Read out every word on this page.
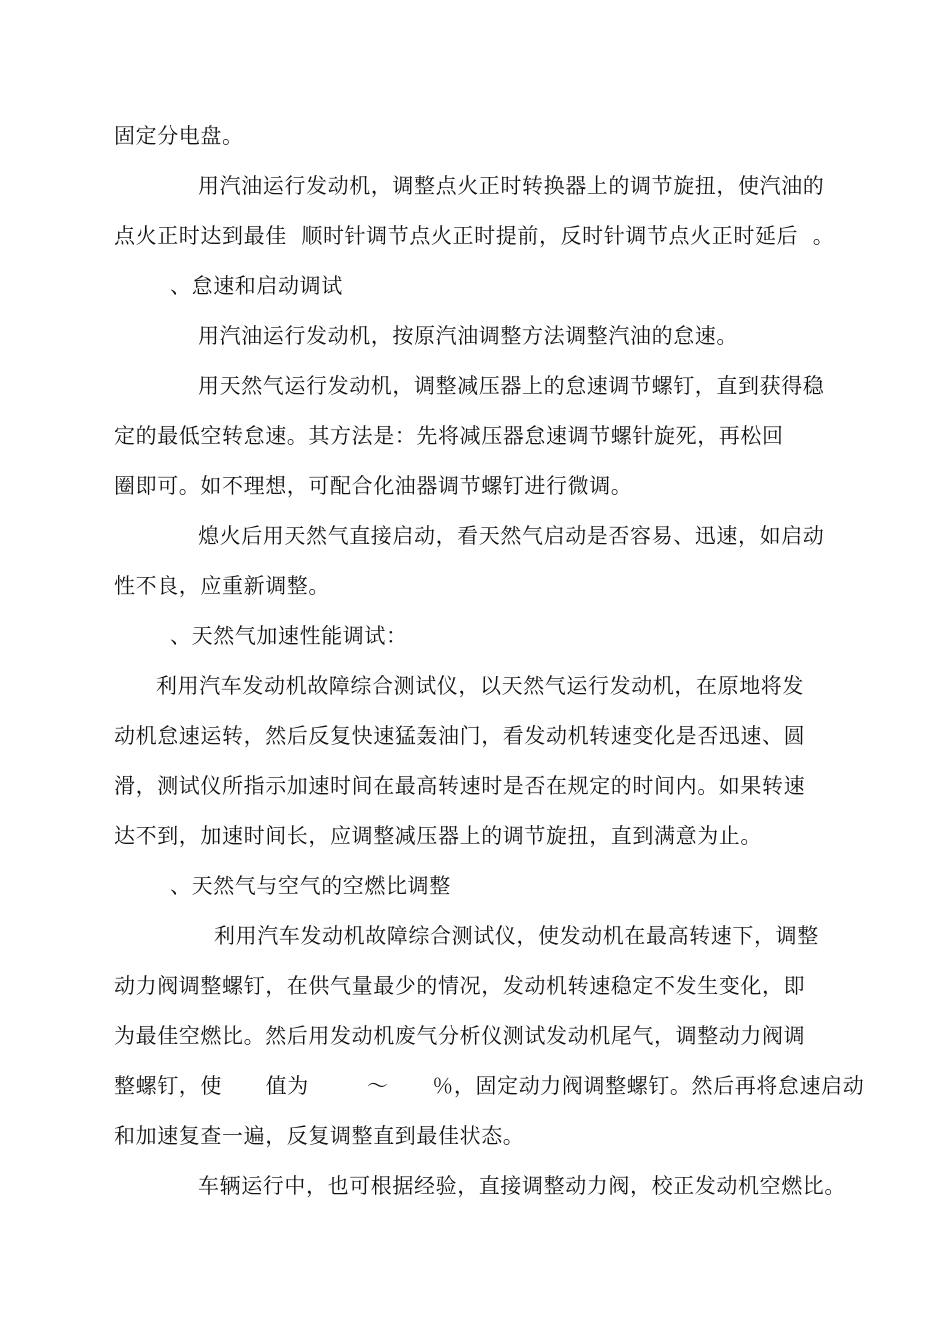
固定分电盘。
用汽油运行发动机，调整点火正时转换器上的调节旋扭，使汽油的
点火正时达到最佳  顺时针调节点火正时提前，反时针调节点火正时延后  。
、怠速和启动调试
用汽油运行发动机，按原汽油调整方法调整汽油的怠速。
用天然气运行发动机，调整减压器上的怠速调节螺钉，直到获得稳
定的最低空转怠速。其方法是：先将减压器怠速调节螺针旋死，再松回
圈即可。如不理想，可配合化油器调节螺钉进行微调。
熄火后用天然气直接启动，看天然气启动是否容易、迅速，如启动
性不良，应重新调整。
、天然气加速性能调试：
利用汽车发动机故障综合测试仪，以天然气运行发动机，在原地将发
动机怠速运转，然后反复快速猛轰油门，看发动机转速变化是否迅速、圆
滑，测试仪所指示加速时间在最高转速时是否在规定的时间内。如果转速
达不到，加速时间长，应调整减压器上的调节旋扭，直到满意为止。
、天然气与空气的空燃比调整
利用汽车发动机故障综合测试仪，使发动机在最高转速下，调整
动力阀调整螺钉，在供气量最少的情况，发动机转速稳定不发生变化，即
为最佳空燃比。然后用发动机废气分析仪测试发动机尾气，调整动力阀调
整螺钉，使      值为        ～      ％，固定动力阀调整螺钉。然后再将怠速启动
和加速复查一遍，反复调整直到最佳状态。
车辆运行中，也可根据经验，直接调整动力阀，校正发动机空燃比。
